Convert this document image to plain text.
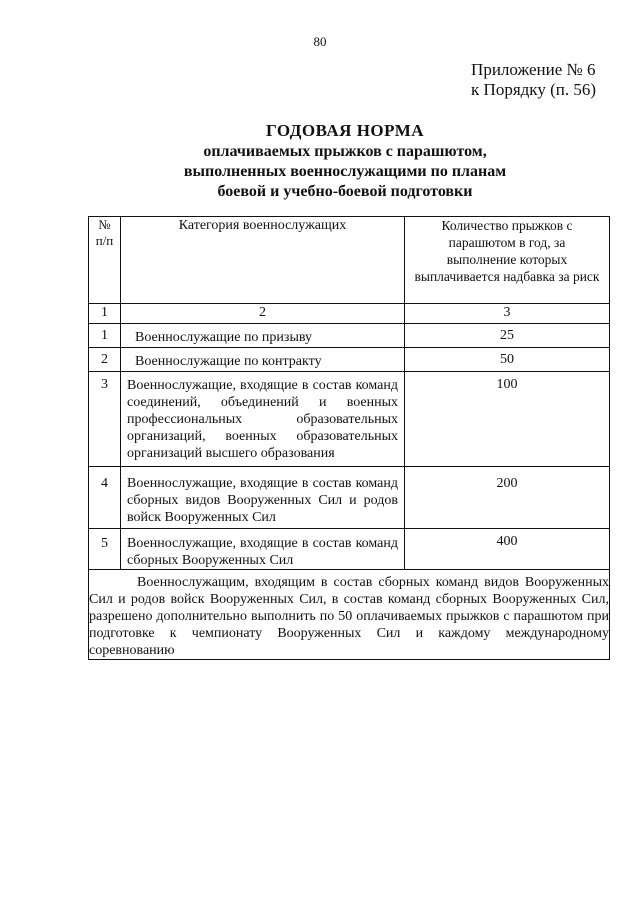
80
Приложение № 6
к Порядку (п. 56)
ГОДОВАЯ НОРМА
оплачиваемых прыжков с парашютом,
выполненных военнослужащими по планам
боевой и учебно-боевой подготовки
№
п/п	Категория военнослужащих	Количество прыжков с парашютом в год, за выполнение которых выплачивается надбавка за риск

1	2	3
1	Военнослужащие по призыву	25
2	Военнослужащие по контракту	50
3	Военнослужащие, входящие в состав команд соединений, объединений и военных профессиональных образовательных организаций, военных образовательных организаций высшего образования	100
4	Военнослужащие, входящие в состав команд сборных видов Вооруженных Сил и родов войск Вооруженных Сил	200
5	Военнослужащие, входящие в состав команд сборных Вооруженных Сил	400

Военнослужащим, входящим в состав сборных команд видов Вооруженных Сил и родов войск Вооруженных Сил, в состав команд сборных Вооруженных Сил, разрешено дополнительно выполнить по 50 оплачиваемых прыжков с парашютом при подготовке к чемпионату Вооруженных Сил и каждому международному соревнованию		
